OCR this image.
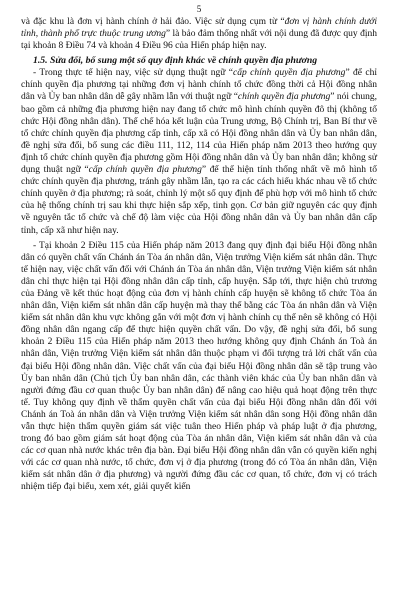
5

và đặc khu là đơn vị hành chính ở hải đảo. Việc sử dụng cụm từ “đơn vị hành chính dưới tỉnh, thành phố trực thuộc trung ương” là bảo đảm thống nhất với nội dung đã được quy định tại khoản 8 Điều 74 và khoản 4 Điều 96 của Hiến pháp hiện nay.

1.5. Sửa đổi, bổ sung một số quy định khác về chính quyền địa phương

- Trong thực tế hiện nay, việc sử dụng thuật ngữ “cấp chính quyền địa phương” để chỉ chính quyền địa phương tại những đơn vị hành chính tổ chức đồng thời cả Hội đồng nhân dân và Ủy ban nhân dân dễ gây nhầm lẫn với thuật ngữ “chính quyền địa phương” nói chung, bao gồm cả những địa phương hiện nay đang tổ chức mô hình chính quyền đô thị (không tổ chức Hội đồng nhân dân). Thể chế hóa kết luận của Trung ương, Bộ Chính trị, Ban Bí thư về tổ chức chính quyền địa phương cấp tỉnh, cấp xã có Hội đồng nhân dân và Ủy ban nhân dân, đề nghị sửa đổi, bổ sung các điều 111, 112, 114 của Hiến pháp năm 2013 theo hướng quy định tổ chức chính quyền địa phương gồm Hội đồng nhân dân và Ủy ban nhân dân; không sử dụng thuật ngữ “cấp chính quyền địa phương” để thể hiện tính thống nhất về mô hình tổ chức chính quyền địa phương, tránh gây nhầm lẫn, tạo ra các cách hiểu khác nhau về tổ chức chính quyền ở địa phương; rà soát, chỉnh lý một số quy định để phù hợp với mô hình tổ chức của hệ thống chính trị sau khi thực hiện sắp xếp, tinh gọn. Cơ bản giữ nguyên các quy định về nguyên tắc tổ chức và chế độ làm việc của Hội đồng nhân dân và Ủy ban nhân dân cấp tỉnh, cấp xã như hiện nay.

- Tại khoản 2 Điều 115 của Hiến pháp năm 2013 đang quy định đại biểu Hội đồng nhân dân có quyền chất vấn Chánh án Tòa án nhân dân, Viện trưởng Viện kiểm sát nhân dân. Thực tế hiện nay, việc chất vấn đối với Chánh án Tòa án nhân dân, Viện trưởng Viện kiểm sát nhân dân chỉ thực hiện tại Hội đồng nhân dân cấp tỉnh, cấp huyện. Sắp tới, thực hiện chủ trương của Đảng về kết thúc hoạt động của đơn vị hành chính cấp huyện sẽ không tổ chức Tòa án nhân dân, Viện kiểm sát nhân dân cấp huyện mà thay thế bằng các Tòa án nhân dân và Viện kiểm sát nhân dân khu vực không gắn với một đơn vị hành chính cụ thể nên sẽ không có Hội đồng nhân dân ngang cấp để thực hiện quyền chất vấn. Do vậy, đề nghị sửa đổi, bổ sung khoản 2 Điều 115 của Hiến pháp năm 2013 theo hướng không quy định Chánh án Toà án nhân dân, Viện trưởng Viện kiểm sát nhân dân thuộc phạm vi đối tượng trả lời chất vấn của đại biểu Hội đồng nhân dân. Việc chất vấn của đại biểu Hội đồng nhân dân sẽ tập trung vào Ủy ban nhân dân (Chủ tịch Ủy ban nhân dân, các thành viên khác của Ủy ban nhân dân và người đứng đầu cơ quan thuộc Ủy ban nhân dân) để nâng cao hiệu quả hoạt động trên thực tế. Tuy không quy định về thẩm quyền chất vấn của đại biểu Hội đồng nhân dân đối với Chánh án Toà án nhân dân và Viện trưởng Viện kiểm sát nhân dân song Hội đồng nhân dân vẫn thực hiện thẩm quyền giám sát việc tuân theo Hiến pháp và pháp luật ở địa phương, trong đó bao gồm giám sát hoạt động của Tòa án nhân dân, Viện kiểm sát nhân dân và của các cơ quan nhà nước khác trên địa bàn. Đại biểu Hội đồng nhân dân vẫn có quyền kiến nghị với các cơ quan nhà nước, tổ chức, đơn vị ở địa phương (trong đó có Tòa án nhân dân, Viện kiểm sát nhân dân ở địa phương) và người đứng đầu các cơ quan, tổ chức, đơn vị có trách nhiệm tiếp đại biểu, xem xét, giải quyết kiến
